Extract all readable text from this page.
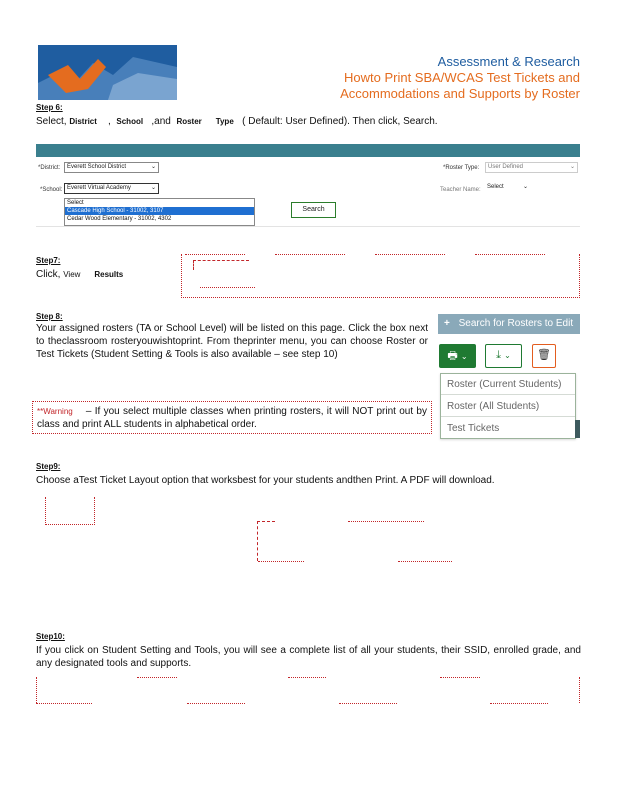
Assessment & Research
Howto Print SBA/WCAS Test Tickets and
Accommodations and Supports by Roster
Step 6:
Select, District , School ,and Roster Type ( Default: User Defined). Then click, Search.
*District:	Everett School District	⌄
*School: Everett Virtual Academy	⌄
Select
Cascade High School - 31002, 3107
Cedar Wood Elementary - 31002, 4302
Search
*Roster Type:	User Defined	⌄
Teacher Name:	Select	⌄
Step7:
Click, View Results
Step 8:
Your assigned rosters (TA or School Level) will be listed on this page. Click the box next to theclassroom rosteryouwishtoprint. From theprinter menu, you can choose Roster or Test Tickets (Student Setting & Tools is also available – see step 10)
+ Search for Rosters to Edit
🖶 ⌄	⤓ ⌄	🗑
Roster (Current Students)
Roster (All Students)
Test Tickets
**Warning – If you select multiple classes when printing rosters, it will NOT print out by class and print ALL students in alphabetical order.
Step9:
Choose aTest Ticket Layout option that worksbest for your students andthen Print. A PDF will download.
Step10:
If you click on Student Setting and Tools, you will see a complete list of all your students, their SSID, enrolled grade, and any designated tools and supports.
